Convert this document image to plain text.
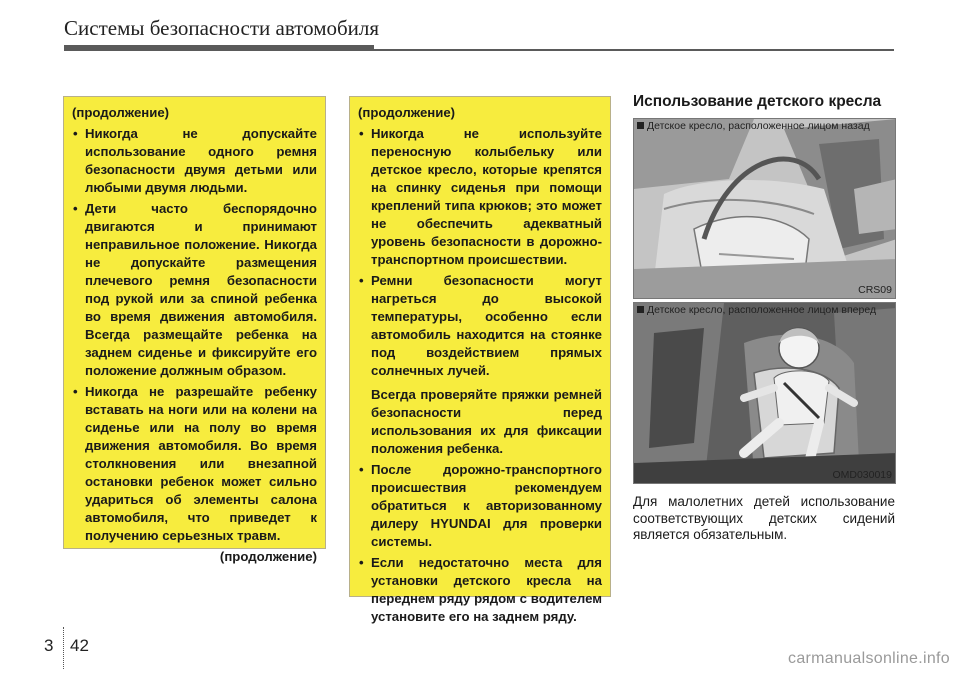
Системы безопасности автомобиля

(продолжение)

• Никогда не допускайте использование одного ремня безопасности двумя детьми или любыми двумя людьми.
• Дети часто беспорядочно двигаются и принимают неправильное положение. Никогда не допускайте размещения плечевого ремня безопасности под рукой или за спиной ребенка во время движения автомобиля. Всегда размещайте ребенка на заднем сиденье и фиксируйте его положение должным образом.
• Никогда не разрешайте ребенку вставать на ноги или на колени на сиденье или на полу во время движения автомобиля. Во время столкновения или внезапной остановки ребенок может сильно удариться об элементы салона автомобиля, что приведет к получению серьезных травм.

(продолжение)

(продолжение)

• Никогда не используйте переносную колыбельку или детское кресло, которые крепятся на спинку сиденья при помощи креплений типа крюков; это может не обеспечить адекватный уровень безопасности в дорожно-транспортном происшествии.

• Ремни безопасности могут нагреться до высокой температуры, особенно если автомобиль находится на стоянке под воздействием прямых солнечных лучей.

Всегда проверяйте пряжки ремней безопасности перед использования их для фиксации положения ребенка.

• После дорожно-транспортного происшествия рекомендуем обратиться к авторизованному дилеру HYUNDAI для проверки системы.

• Если недостаточно места для установки детского кресла на переднем ряду рядом с водителем установите его на заднем ряду.

Использование детского кресла
Детское кресло, расположенное лицом назад
CRS09
Детское кресло, расположенное лицом вперед
OMD030019

Для малолетних детей использование соответствующих детских сидений является обязательным.

3 42
carmanualsonline.info
